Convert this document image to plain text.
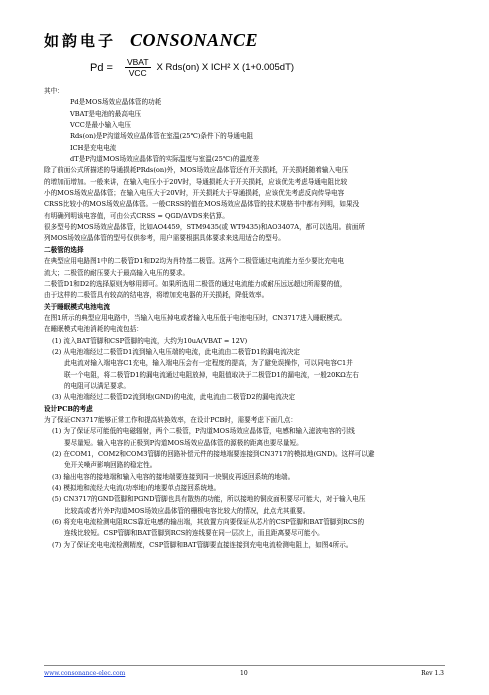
如韵电子 CONSONANCE
$Pd = \frac{\text{VBAT}}{\text{VCC}}$ X Rds(on) X ICH² X (1+0.005dT)

其中：

Pd是MOS场效应晶体管的功耗

VBAT是电池的最高电压

VCC是最小输入电压

Rds(on)是P沟道场效应晶体管在室温(25℃)条件下的导通电阻

ICH是充电电流

dT是P沟道MOS场效应晶体管的实际温度与室温(25℃)的温度差

除了前面公式所描述的导通损耗PRds(on)外，MOS场效应晶体管还有开关损耗，开关损耗随着输入电压

的增加而增加。一般来讲，在输入电压小于20V时，导通损耗大于开关损耗，应该优先考虑导通电阻比较

小的MOS场效应晶体管；在输入电压大于20V时，开关损耗大于导通损耗，应该优先考虑反向传导电容

CRSS比较小的MOS场效应晶体管。一般CRSS的值在MOS场效应晶体管的技术规格书中都有列明，如果没

有明确列明该电容值，可由公式CRSS = QGD/ΔVDS来估算。

很多型号的MOS场效应晶体管，比如AO4459，STM9435(或 WT9435)和AO3407A，都可以选用。前面所

列MOS场效应晶体管的型号仅供参考，用户需要根据具体要求来选用适合的型号。

二极管的选择

在典型应用电路图1中的二极管D1和D2均为肖特基二极管。这两个二极管通过电流能力至少要比充电电

流大；二极管的耐压要大于最高输入电压的要求。

二极管D1和D2的选择原则为够用即可。如果所选用二极管的通过电流能力或耐压远远超过所需要的值，

由于这样的二极管具有较高的结电容，将增加充电器的开关损耗，降低效率。

关于睡眠模式电池电流

在图1所示的典型应用电路中，当输入电压掉电或者输入电压低于电池电压时，CN3717进入睡眠模式。

在睡眠模式电池消耗的电流包括：

(1) 流入BAT管脚和CSP管脚的电流，大约为10uA(VBAT = 12V)

(2) 从电池端经过二极管D1流到输入电压端的电流，此电流由二极管D1的漏电流决定

此电流对输入端电容C1充电，输入端电压会有一定程度的提高，为了避免误操作，可以同电容C1并

联一个电阻，将二极管D1的漏电流通过电阻放掉，电阻值取决于二极管D1的漏电流，一般20KΩ左右

的电阻可以满足要求。

(3) 从电池端经过二极管D2流到地(GND)的电流，此电流由二极管D2的漏电流决定

设计PCB的考虑

为了保证CN3717能够正常工作和提高转换效率，在设计PCB时，需要考虑下面几点：

(1) 为了保证尽可能低的电磁辐射，两个二极管，P沟道MOS场效应晶体管，电感和输入滤波电容的引线

要尽量短。输入电容的正极到P沟道MOS场效应晶体管的源极的距离也要尽量短。

(2) 在COM1，COM2和COM3管脚的回路补偿元件的接地端要连接到CN3717的模拟地(GND)。这样可以避

免开关噪声影响回路的稳定性。

(3) 输出电容的接地端和输入电容的接地端要连接到同一块铜皮再返回系统的地端。

(4) 模拟地和流经大电流(功率地)的地要单点接回系统地。

(5) CN3717的GND管脚和PGND管脚也具有散热的功能，所以接地的铜皮面积要尽可能大，对于输入电压

比较高或者片外P沟道MOS场效应晶体管的栅极电容比较大的情况，此点尤其重要。

(6) 将充电电流检测电阻RCS靠近电感的输出端，其放置方向要保证从芯片的CSP管脚和BAT管脚到RCS的

连线比较短。CSP管脚和BAT管脚到RCS的连线要在同一层次上，而且距离要尽可能小。

(7) 为了保证充电电流检测精度，CSP管脚和BAT管脚要直接连接到充电电流检测电阻上，如图4所示。

www.consonance-elec.com	10	Rev 1.3
